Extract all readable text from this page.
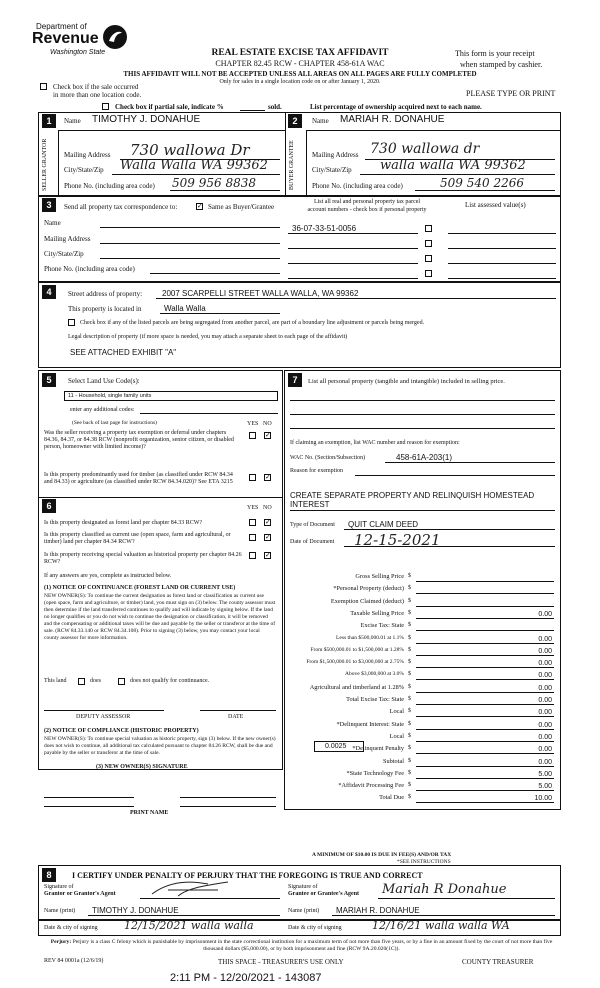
Department of
Revenue
Washington State	REAL ESTATE EXCISE TAX AFFIDAVIT
CHAPTER 82.45 RCW - CHAPTER 458-61A WAC
This form is your receipt
when stamped by cashier.
THIS AFFIDAVIT WILL NOT BE ACCEPTED UNLESS ALL AREAS ON ALL PAGES ARE FULLY COMPLETED
Only for sales in a single location code on or after January 1, 2020.
Check box if the sale occurred
in more than one location code.	PLEASE TYPE OR PRINT
Check box if partial sale, indicate %	sold.	List percentage of ownership acquired next to each name.
1	Name TIMOTHY J. DONAHUE
SELLER GRANTOR	Mailing Address 730 wallowa Dr
City/State/Zip Walla Walla WA 99362
Phone No. (including area code) 509 956 8838
2	Name MARIAH R. DONAHUE
BUYER GRANTEE	Mailing Address 730 wallowa dr
City/State/Zip walla walla WA 99362
Phone No. (including area code)	509 540 2266
3	Send all property tax correspondence to:	✓ Same as Buyer/Grantee
List all real and personal property tax parcel
account numbers - check box if personal property
List assessed value(s)
Name
Mailing Address
City/State/Zip
Phone No. (including area code)
36-07-33-51-0056
4	Street address of property: 2007 SCARPELLI STREET WALLA WALLA, WA 99362
This property is located in	Walla Walla
Check box if any of the listed parcels are being segregated from another parcel, are part of a boundary line adjustment or parcels being merged.
Legal description of property (if more space is needed, you may attach a separate sheet to each page of the affidavit)
SEE ATTACHED EXHIBIT "A"
5	Select Land Use Code(s):
11 - Household, single family units
enter any additional codes:
(See back of last page for instructions)	YES NO
Was the seller receiving a property tax exemption or deferral under chapters 84.36, 84.37, or 84.38 RCW (nonprofit organization, senior citizen, or disabled person, homeowner with limited income)?
✓
Is this property predominantly used for timber (as classified under RCW 84.34 and 84.33) or agriculture (as classified under RCW 84.34.020)? See ETA 3215
✓
6	YES NO
Is this property designated as forest land per chapter 84.33 RCW?	✓
Is this property classified as current use (open space, farm and agricultural, or timber) land per chapter 84.34 RCW?
✓
Is this property receiving special valuation as historical property per chapter 84.26 RCW?
✓
If any answers are yes, complete as instructed below.
(1) NOTICE OF CONTINUANCE (FOREST LAND OR CURRENT USE)
NEW OWNER(S): To continue the current designation as forest land or classification as current use (open space, farm and agriculture, or timber) land, you must sign on (3) below. The county assessor must then determine if the land transferred continues to qualify and will indicate by signing below. If the land no longer qualifies or you do not wish to continue the designation or classification, it will be removed and the compensating or additional taxes will be due and payable by the seller or transferor at the time of sale. (RCW 84.33.140 or RCW 84.34.108). Prior to signing (3) below, you may contact your local county assessor for more information.
This land	does	does not qualify for continuance.
DEPUTY ASSESSOR	DATE
(2) NOTICE OF COMPLIANCE (HISTORIC PROPERTY)
NEW OWNER(S): To continue special valuation as historic property, sign (3) below. If the new owner(s) does not wish to continue, all additional tax calculated pursuant to chapter 84.26 RCW, shall be due and payable by the seller or transferor at the time of sale.
(3) NEW OWNER(S) SIGNATURE
PRINT NAME
7	List all personal property (tangible and intangible) included in selling price.
If claiming an exemption, list WAC number and reason for exemption:
WAC No. (Section/Subsection)	458-61A-203(1)
Reason for exemption
CREATE SEPARATE PROPERTY AND RELINQUISH HOMESTEAD INTEREST
Type of Document QUIT CLAIM DEED
Date of Document 12-15-2021
Gross Selling Price $
*Personal Property (deduct) $
Exemption Claimed (deduct) $
Taxable Selling Price $	0.00
Excise Tax: State $
Less than $500,000.01 at 1.1% $	0.00
From $500,000.01 to $1,500,000 at 1.28% $	0.00
From $1,500,000.01 to $3,000,000 at 2.75% $	0.00
Above $3,000,000 at 3.0% $	0.00
Agricultural and timberland at 1.28% $	0.00
Total Excise Tax: State $	0.00
Local $	0.00
*Delinquent Interest: State $	0.00
Local $	0.00
*Delinquent Penalty $	0.00
Subtotal $	0.00
*State Technology Fee $	5.00
*Affidavit Processing Fee $	5.00
Total Due $	10.00
0.0025
A MINIMUM OF $10.00 IS DUE IN FEE(S) AND/OR TAX
*SEE INSTRUCTIONS
8	I CERTIFY UNDER PENALTY OF PERJURY THAT THE FOREGOING IS TRUE AND CORRECT
Signature of
Grantor or Grantor's Agent
Name (print) TIMOTHY J. DONAHUE
Signature of
Grantee or Grantee's Agent Mariah R Donahue
Name (print) MARIAH R. DONAHUE
Date & city of signing 12/15/2021 walla walla	Date & city of signing	12/16/21 walla walla WA
Perjury: Perjury is a class C felony which is punishable by imprisonment in the state correctional institution for a maximum term of not more than five years, or by a fine in an amount fixed by the court of not more than five thousand dollars ($5,000.00), or by both imprisonment and fine (RCW 9A.20.020(1C)).
REV 84 0001a (12/6/19)	THIS SPACE - TREASURER'S USE ONLY	COUNTY TREASURER
2:11 PM - 12/20/2021 - 143087
